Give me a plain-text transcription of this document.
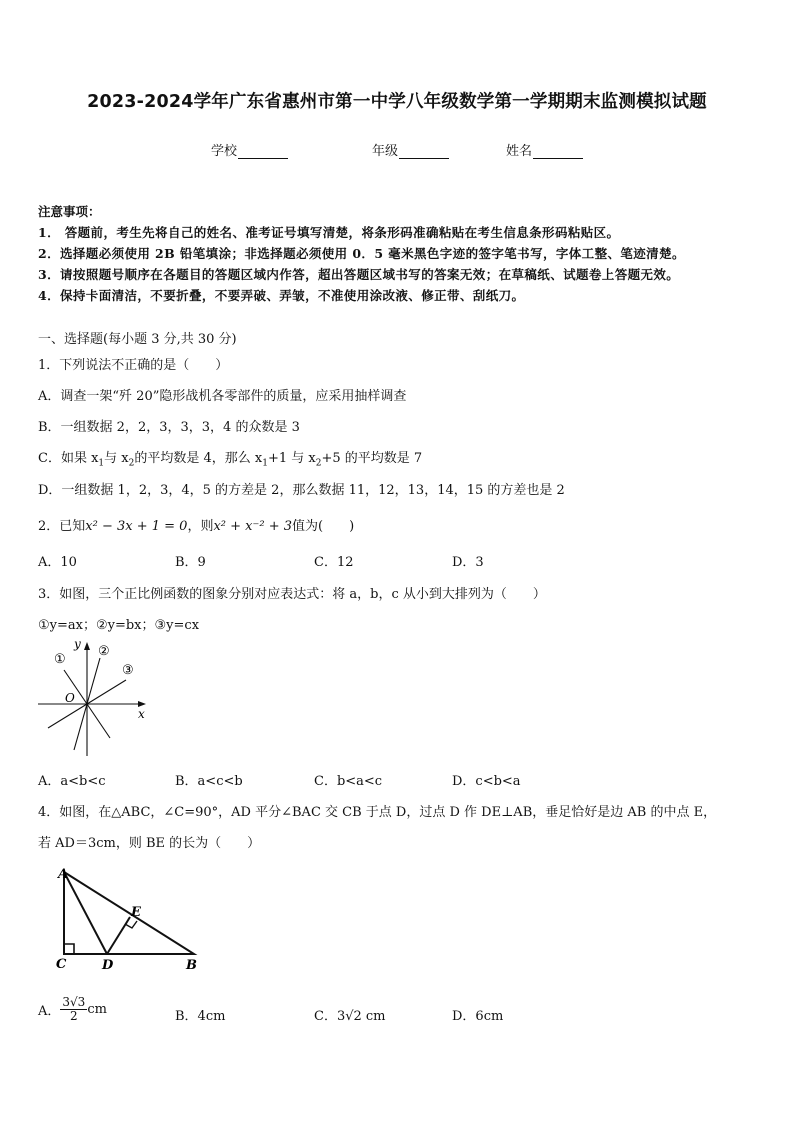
2023-2024学年广东省惠州市第一中学八年级数学第一学期期末监测模拟试题
学校	年级	姓名
注意事项：
1． 答题前，考生先将自己的姓名、准考证号填写清楚，将条形码准确粘贴在考生信息条形码粘贴区。
2．选择题必须使用 2B 铅笔填涂；非选择题必须使用 0．5 毫米黑色字迹的签字笔书写，字体工整、笔迹清楚。
3．请按照题号顺序在各题目的答题区域内作答，超出答题区域书写的答案无效；在草稿纸、试题卷上答题无效。
4．保持卡面清洁，不要折叠，不要弄破、弄皱，不准使用涂改液、修正带、刮纸刀。
一、选择题(每小题 3 分,共 30 分)
1．下列说法不正确的是（　　）
A．调查一架“歼 20”隐形战机各零部件的质量，应采用抽样调查
B．一组数据 2，2，3，3，3，4 的众数是 3
C．如果 $x_1$与 $x_2$的平均数是 4，那么 $x_1+1$ 与 $x_2+5$ 的平均数是 7
D．一组数据 1，2，3，4，5 的方差是 2，那么数据 11，12，13，14，15 的方差也是 2
2．已知x² − 3x + 1 = 0，则x² + x⁻² + 3值为(　　)
A．10	B．9	C．12	D．3
3．如图，三个正比例函数的图象分别对应表达式：将 a，b，c 从小到大排列为（　　）
①y=ax；②y=bx；③y=cx
y
x
O
①
②
③
A．a<b<c	B．a<c<b	C．b<a<c	D．c<b<a
4．如图，在△ABC，∠C=90°，AD 平分∠BAC 交 CB 于点 D，过点 D 作 DE⊥AB，垂足恰好是边 AB 的中点 E，
若 AD＝3cm，则 BE 的长为（　　）
A
C	D	B
E
A． $\frac{3√3}{2}$ cm	B．4cm	C．3√2 cm	D．6cm
